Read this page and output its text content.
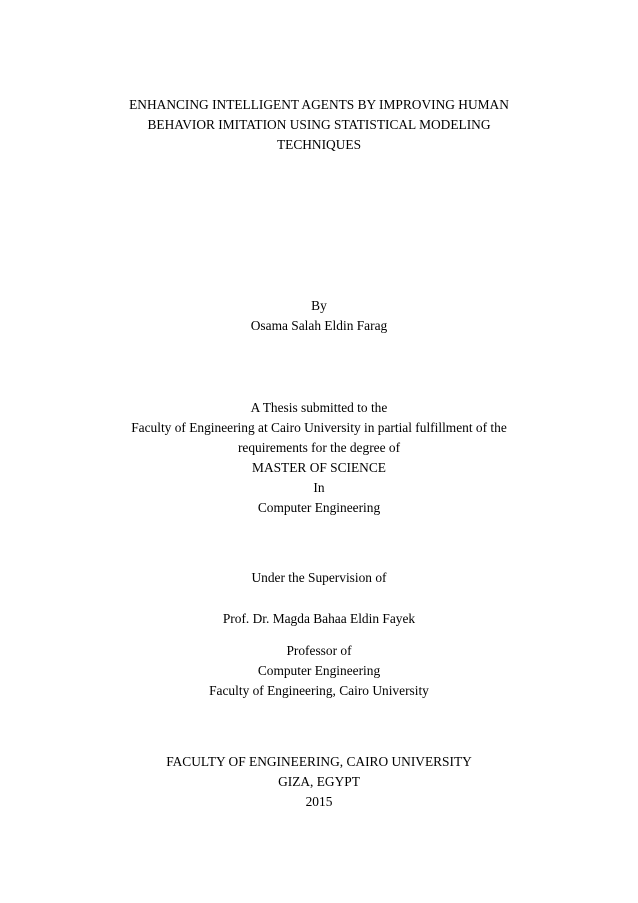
ENHANCING INTELLIGENT AGENTS BY IMPROVING HUMAN
BEHAVIOR IMITATION USING STATISTICAL MODELING
TECHNIQUES
By
Osama Salah Eldin Farag
A Thesis submitted to the
Faculty of Engineering at Cairo University in partial fulfillment of the
requirements for the degree of
MASTER OF SCIENCE
In
Computer Engineering
Under the Supervision of
Prof. Dr. Magda Bahaa Eldin Fayek
Professor of
Computer Engineering
Faculty of Engineering, Cairo University
FACULTY OF ENGINEERING, CAIRO UNIVERSITY
GIZA, EGYPT
2015
